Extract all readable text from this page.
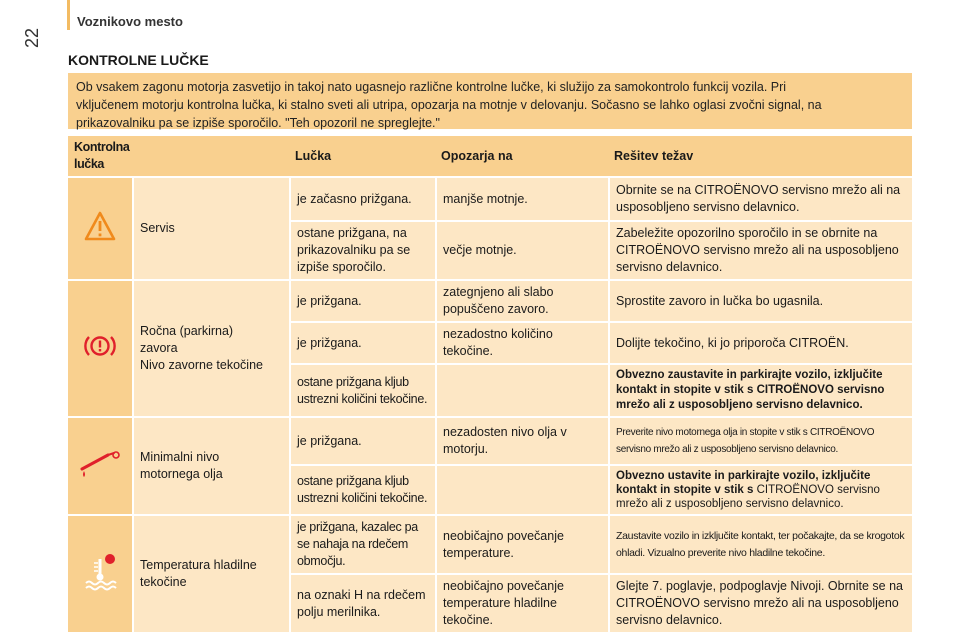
Voznikovo mesto
22
KONTROLNE LUČKE
Ob vsakem zagonu motorja zasvetijo in takoj nato ugasnejo različne kontrolne lučke, ki služijo za samokontrolo funkcij vozila. Pri
vključenem motorju kontrolna lučka, ki stalno sveti ali utripa, opozarja na motnje v delovanju. Sočasno se lahko oglasi zvočni signal, na
prikazovalniku pa se izpiše sporočilo. "Teh opozoril ne spreglejte."
Kontrolna lučka		Lučka	Opozarja na	Rešitev težav
	Servis	je začasno prižgana.	manjše motnje.	Obrnite se na CITROËNOVO servisno mrežo ali na usposobljeno servisno delavnico.
		ostane prižgana, na prikazovalniku pa se izpiše sporočilo.	večje motnje.	Zabeležite opozorilno sporočilo in se obrnite na CITROËNOVO servisno mrežo ali na usposobljeno servisno delavnico.
	Ročna (parkirna)
zavora
Nivo zavorne tekočine	je prižgana.	zategnjeno ali slabo popuščeno zavoro.	Sprostite zavoro in lučka bo ugasnila.
		je prižgana.	nezadostno količino tekočine.	Dolijte tekočino, ki jo priporoča CITROËN.
		ostane prižgana kljub ustrezni količini tekočine.		Obvezno zaustavite in parkirajte vozilo, izključite kontakt in stopite v stik s CITROËNOVO servisno mrežo ali z usposobljeno servisno delavnico.
	Minimalni nivo
motornega olja	je prižgana.	nezadosten nivo olja v motorju.	Preverite nivo motornega olja in stopite v stik s CITROËNOVO servisno mrežo ali z usposobljeno servisno delavnico.
		ostane prižgana kljub ustrezni količini tekočine.		Obvezno ustavite in parkirajte vozilo, izključite kontakt in stopite v stik s CITROËNOVO servisno mrežo ali z usposobljeno servisno delavnico.
	Temperatura hladilne
tekočine	je prižgana, kazalec pa se nahaja na rdečem območju.	neobičajno povečanje temperature.	Zaustavite vozilo in izključite kontakt, ter počakajte, da se krogotok ohladi. Vizualno preverite nivo hladilne tekočine.
		na oznaki H na rdečem polju merilnika.	neobičajno povečanje temperature hladilne tekočine.	Glejte 7. poglavje, podpoglavje Nivoji. Obrnite se na CITROËNOVO servisno mrežo ali na usposobljeno servisno delavnico.
